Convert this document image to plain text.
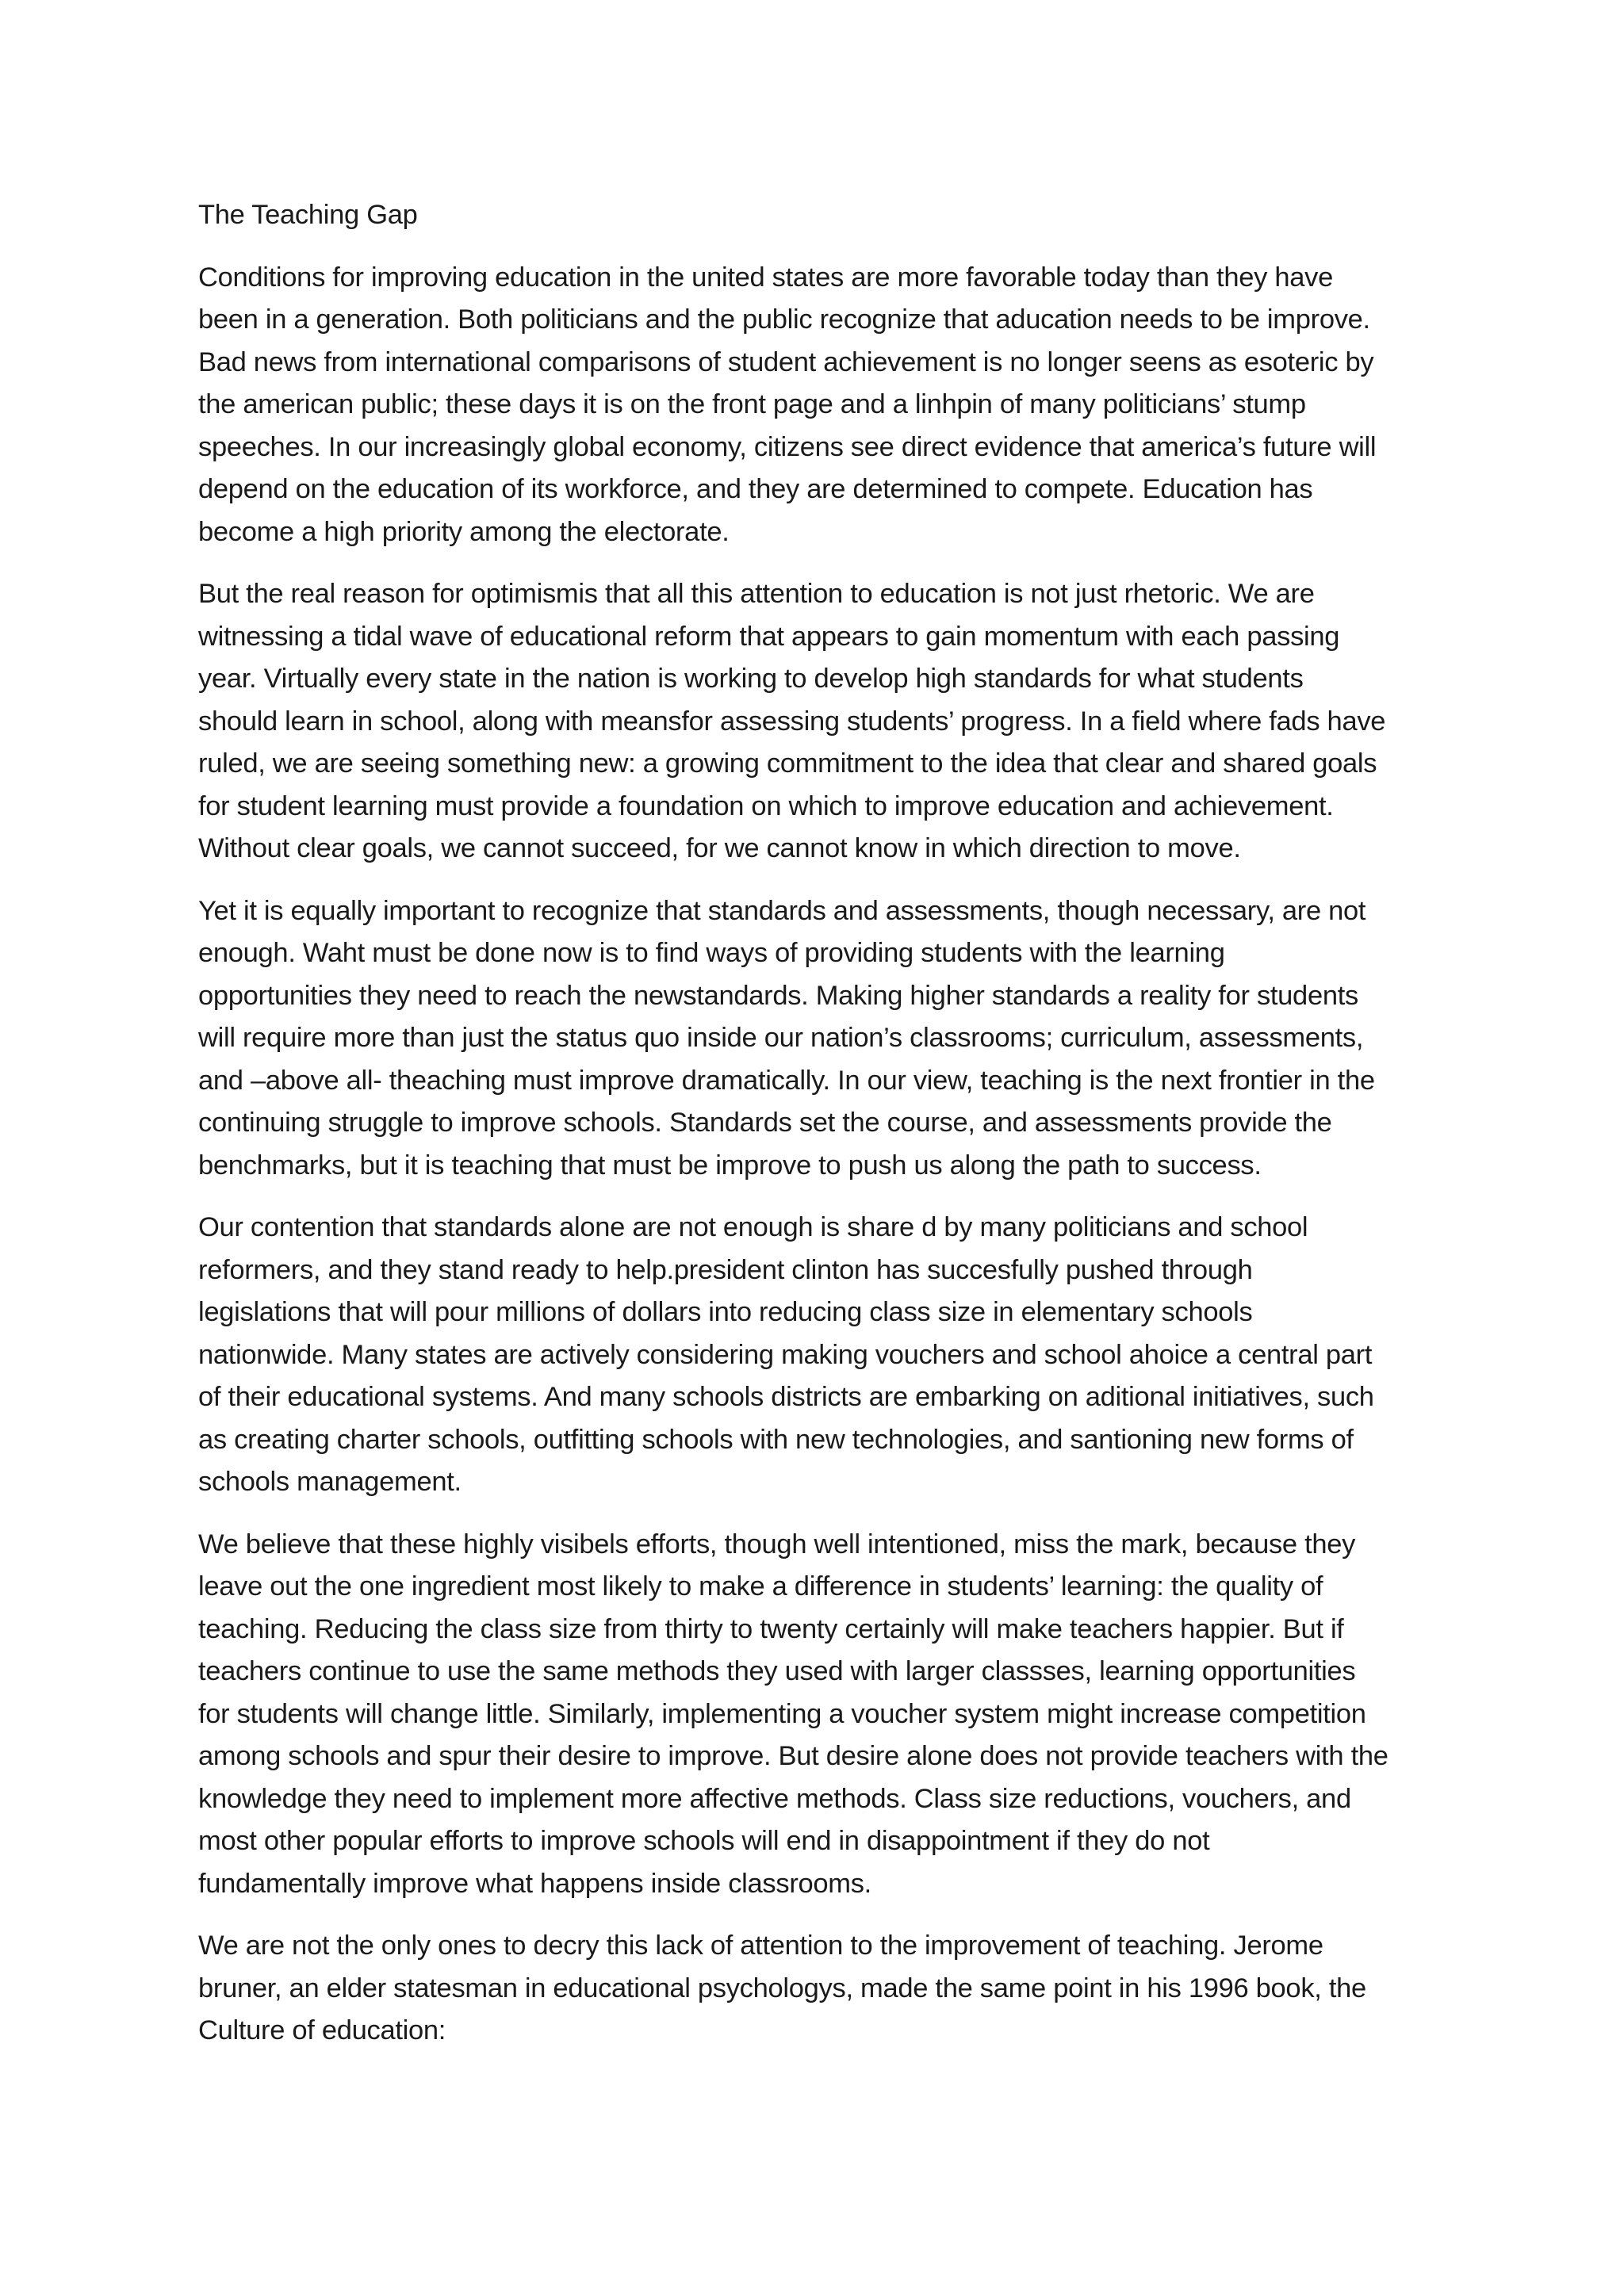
The Teaching Gap

Conditions for improving education in the united states are more favorable today than they have
been in a generation. Both politicians and the public recognize that aducation needs to be improve.
Bad news from international comparisons of student achievement is no longer seens as esoteric by
the american public; these days it is on the front page and a linhpin of many politicians’ stump
speeches. In our increasingly global economy, citizens see direct evidence that america’s future will
depend on the education of its workforce, and they are determined to compete. Education has
become a high priority among the electorate.

But the real reason for optimismis that all this attention to education is not just rhetoric. We are
witnessing a tidal wave of educational reform that appears to gain momentum with each passing
year. Virtually every state in the nation is working to develop high standards for what students
should learn in school, along with meansfor assessing students’ progress. In a field where fads have
ruled, we are seeing something new: a growing commitment to the idea that clear and shared goals
for student learning must provide a foundation on which to improve education and achievement.
Without clear goals, we cannot succeed, for we cannot know in which direction to move.

Yet it is equally important to recognize that standards and assessments, though necessary, are not
enough. Waht must be done now is to find ways of providing students with the learning
opportunities they need to reach the newstandards. Making higher standards a reality for students
will require more than just the status quo inside our nation’s classrooms; curriculum, assessments,
and –above all- theaching must improve dramatically. In our view, teaching is the next frontier in the
continuing struggle to improve schools. Standards set the course, and assessments provide the
benchmarks, but it is teaching that must be improve to push us along the path to success.

Our contention that standards alone are not enough is share d by many politicians and school
reformers, and they stand ready to help.president clinton has succesfully pushed through
legislations that will pour millions of dollars into reducing class size in elementary schools
nationwide. Many states are actively considering making vouchers and school ahoice a central part
of their educational systems. And many schools districts are embarking on aditional initiatives, such
as creating charter schools, outfitting schools with new technologies, and santioning new forms of
schools management.

We believe that these highly visibels efforts, though well intentioned, miss the mark, because they
leave out the one ingredient most likely to make a difference in students’ learning: the quality of
teaching. Reducing the class size from thirty to twenty certainly will make teachers happier. But if
teachers continue to use the same methods they used with larger classses, learning opportunities
for students will change little. Similarly, implementing a voucher system might increase competition
among schools and spur their desire to improve. But desire alone does not provide teachers with the
knowledge they need to implement more affective methods. Class size reductions, vouchers, and
most other popular efforts to improve schools will end in disappointment if they do not
fundamentally improve what happens inside classrooms.

We are not the only ones to decry this lack of attention to the improvement of teaching. Jerome
bruner, an elder statesman in educational psychologys, made the same point in his 1996 book, the
Culture of education:
